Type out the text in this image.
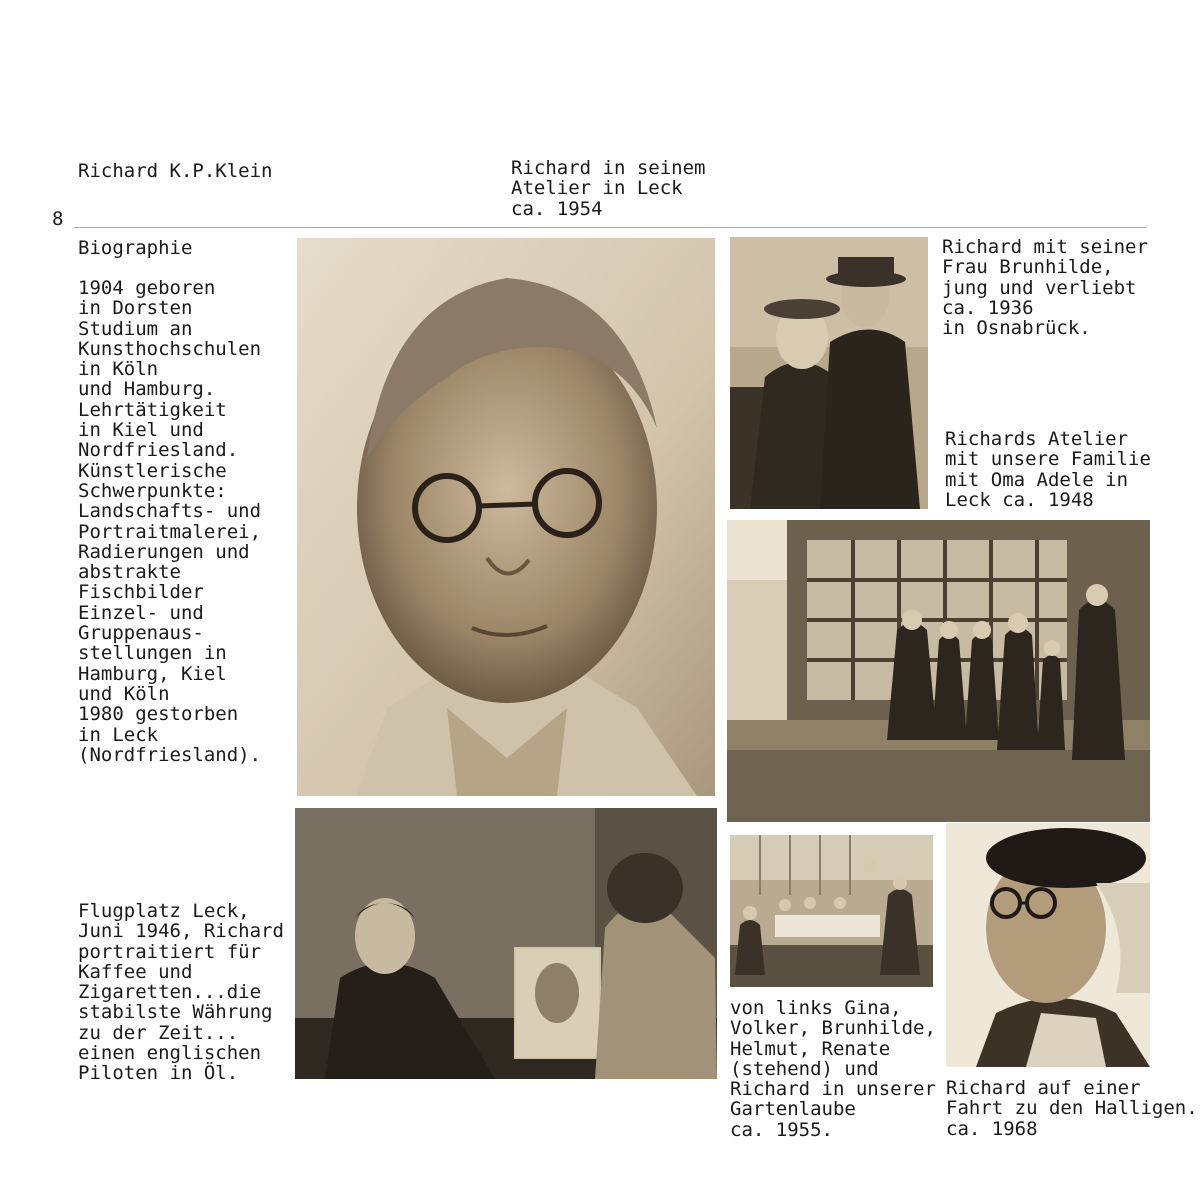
Richard K.P.Klein
8
Richard in seinem
Atelier in Leck
ca. 1954
Biographie
1904 geboren
in Dorsten
Studium an
Kunsthochschulen
in Köln
und Hamburg.
Lehrtätigkeit
in Kiel und
Nordfriesland.
Künstlerische
Schwerpunkte:
Landschafts- und
Portraitmalerei,
Radierungen und
abstrakte
Fischbilder
Einzel- und
Gruppenaus-
stellungen in
Hamburg, Kiel
und Köln
1980 gestorben
in Leck
(Nordfriesland).
Richard mit seiner
Frau Brunhilde,
jung und verliebt
ca. 1936
in Osnabrück.
Richards Atelier
mit unsere Familie
mit Oma Adele in
Leck ca. 1948
Flugplatz Leck,
Juni 1946, Richard
portraitiert für
Kaffee und
Zigaretten...die
stabilste Währung
zu der Zeit...
einen englischen
Piloten in Öl.
von links Gina,
Volker, Brunhilde,
Helmut, Renate
(stehend) und
Richard in unserer
Gartenlaube
ca. 1955.
Richard auf einer
Fahrt zu den Halligen.
ca. 1968
